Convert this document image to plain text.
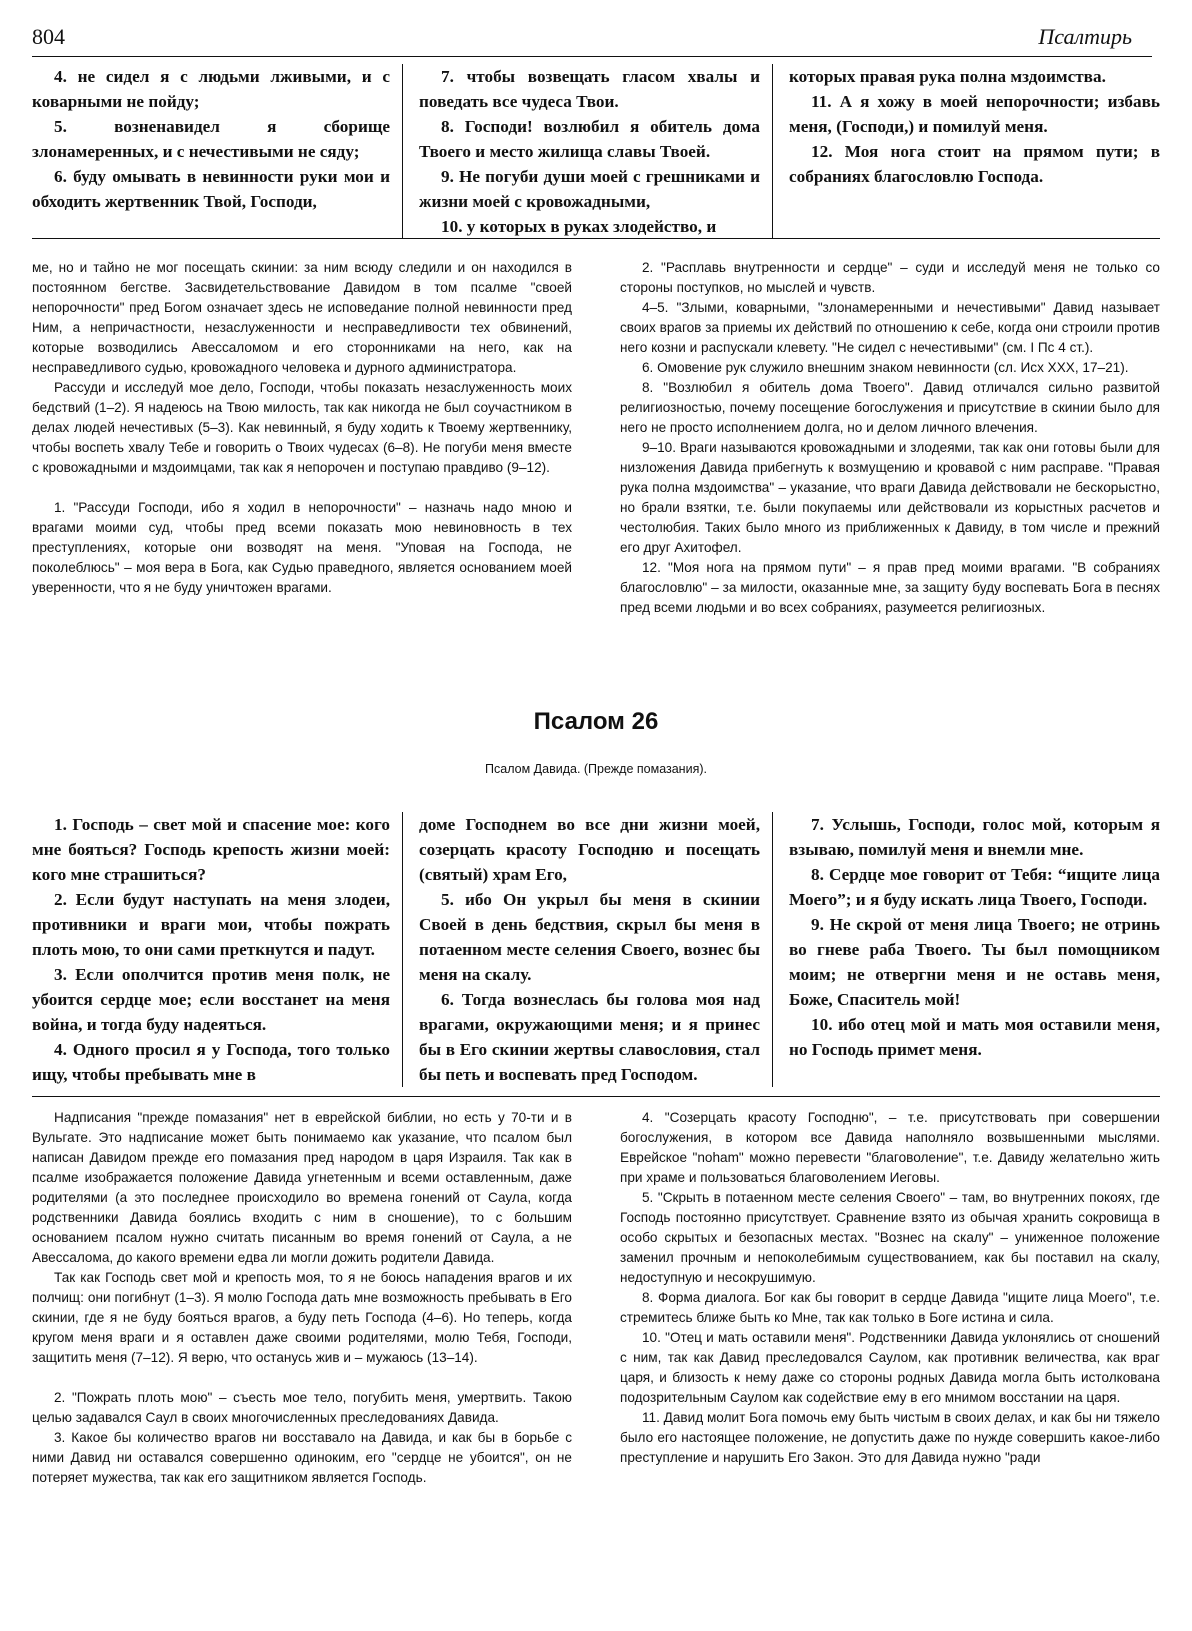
804	Псалтирь

4. не сидел я с людьми лживыми, и с коварными не пойду;

5. возненавидел я сборище злонамеренных, и с нечестивыми не сяду;

6. буду омывать в невинности руки мои и обходить жертвенник Твой, Господи,

7. чтобы возвещать гласом хвалы и поведать все чудеса Твои.

8. Господи! возлюбил я обитель дома Твоего и место жилища славы Твоей.

9. Не погуби души моей с грешниками и жизни моей с кровожадными,

10. у которых в руках злодейство, и

которых правая рука полна мздоимства.

11. А я хожу в моей непорочности; избавь меня, (Господи,) и помилуй меня.

12. Моя нога стоит на прямом пути; в собраниях благословлю Господа.

ме, но и тайно не мог посещать скинии: за ним всюду следили и он находился в постоянном бегстве. Засвидетельствование Давидом в том псалме "своей непорочности" пред Богом означает здесь не исповедание полной невинности пред Ним, а непричастности, незаслуженности и несправедливости тех обвинений, которые возводились Авессаломом и его сторонниками на него, как на несправедливого судью, кровожадного человека и дурного администратора.

Рассуди и исследуй мое дело, Господи, чтобы показать незаслуженность моих бедствий (1–2). Я надеюсь на Твою милость, так как никогда не был соучастником в делах людей нечестивых (5–3). Как невинный, я буду ходить к Твоему жертвеннику, чтобы воспеть хвалу Тебе и говорить о Твоих чудесах (6–8). Не погуби меня вместе с кровожадными и мздоимцами, так как я непорочен и поступаю правдиво (9–12).

1. "Рассуди Господи, ибо я ходил в непорочности" – назначь надо мною и врагами моими суд, чтобы пред всеми показать мою невиновность в тех преступлениях, которые они возводят на меня. "Уповая на Господа, не поколеблюсь" – моя вера в Бога, как Судью праведного, является основанием моей уверенности, что я не буду уничтожен врагами.

2. "Расплавь внутренности и сердце" – суди и исследуй меня не только со стороны поступков, но мыслей и чувств.

4–5. "Злыми, коварными, "злонамеренными и нечестивыми" Давид называет своих врагов за приемы их действий по отношению к себе, когда они строили против него козни и распускали клевету. "Не сидел с нечестивыми" (см. I Пс 4 ст.).

6. Омовение рук служило внешним знаком невинности (сл. Исх XXX, 17–21).

8. "Возлюбил я обитель дома Твоего". Давид отличался сильно развитой религиозностью, почему посещение богослужения и присутствие в скинии было для него не просто исполнением долга, но и делом личного влечения.

9–10. Враги называются кровожадными и злодеями, так как они готовы были для низложения Давида прибегнуть к возмущению и кровавой с ним расправе. "Правая рука полна мздоимства" – указание, что враги Давида действовали не бескорыстно, но брали взятки, т.е. были покупаемы или действовали из корыстных расчетов и честолюбия. Таких было много из приближенных к Давиду, в том числе и прежний его друг Ахитофел.

12. "Моя нога на прямом пути" – я прав пред моими врагами. "В собраниях благословлю" – за милости, оказанные мне, за защиту буду воспевать Бога в песнях пред всеми людьми и во всех собраниях, разумеется религиозных.

Псалом 26
Псалом Давида. (Прежде помазания).

1. Господь – свет мой и спасение мое: кого мне бояться? Господь крепость жизни моей: кого мне страшиться?

2. Если будут наступать на меня злодеи, противники и враги мои, чтобы пожрать плоть мою, то они сами преткнутся и падут.

3. Если ополчится против меня полк, не убоится сердце мое; если восстанет на меня война, и тогда буду надеяться.

4. Одного просил я у Господа, того только ищу, чтобы пребывать мне в

доме Господнем во все дни жизни моей, созерцать красоту Господню и посещать (святый) храм Его,

5. ибо Он укрыл бы меня в скинии Своей в день бедствия, скрыл бы меня в потаенном месте селения Своего, вознес бы меня на скалу.

6. Тогда вознеслась бы голова моя над врагами, окружающими меня; и я принес бы в Его скинии жертвы славословия, стал бы петь и воспевать пред Господом.

7. Услышь, Господи, голос мой, которым я взываю, помилуй меня и внемли мне.

8. Сердце мое говорит от Тебя: “ищите лица Моего”; и я буду искать лица Твоего, Господи.

9. Не скрой от меня лица Твоего; не отринь во гневе раба Твоего. Ты был помощником моим; не отвергни меня и не оставь меня, Боже, Спаситель мой!

10. ибо отец мой и мать моя оставили меня, но Господь примет меня.

Надписания "прежде помазания" нет в еврейской библии, но есть у 70-ти и в Вульгате. Это надписание может быть понимаемо как указание, что псалом был написан Давидом прежде его помазания пред народом в царя Израиля. Так как в псалме изображается положение Давида угнетенным и всеми оставленным, даже родителями (а это последнее происходило во времена гонений от Саула, когда родственники Давида боялись входить с ним в сношение), то с большим основанием псалом нужно считать писанным во время гонений от Саула, а не Авессалома, до какого времени едва ли могли дожить родители Давида.

Так как Господь свет мой и крепость моя, то я не боюсь нападения врагов и их полчищ: они погибнут (1–3). Я молю Господа дать мне возможность пребывать в Его скинии, где я не буду бояться врагов, а буду петь Господа (4–6). Но теперь, когда кругом меня враги и я оставлен даже своими родителями, молю Тебя, Господи, защитить меня (7–12). Я верю, что останусь жив и – мужаюсь (13–14).

2. "Пожрать плоть мою" – съесть мое тело, погубить меня, умертвить. Такою целью задавался Саул в своих многочисленных преследованиях Давида.

3. Какое бы количество врагов ни восставало на Давида, и как бы в борьбе с ними Давид ни оставался совершенно одиноким, его "сердце не убоится", он не потеряет мужества, так как его защитником является Господь.

4. "Созерцать красоту Господню", – т.е. присутствовать при совершении богослужения, в котором все Давида наполняло возвышенными мыслями. Еврейское "noham" можно перевести "благоволение", т.е. Давиду желательно жить при храме и пользоваться благоволением Иеговы.

5. "Скрыть в потаенном месте селения Своего" – там, во внутренних покоях, где Господь постоянно присутствует. Сравнение взято из обычая хранить сокровища в особо скрытых и безопасных местах. "Вознес на скалу" – униженное положение заменил прочным и непоколебимым существованием, как бы поставил на скалу, недоступную и несокрушимую.

8. Форма диалога. Бог как бы говорит в сердце Давида "ищите лица Моего", т.е. стремитесь ближе быть ко Мне, так как только в Боге истина и сила.

10. "Отец и мать оставили меня". Родственники Давида уклонялись от сношений с ним, так как Давид преследовался Саулом, как противник величества, как враг царя, и близость к нему даже со стороны родных Давида могла быть истолкована подозрительным Саулом как содействие ему в его мнимом восстании на царя.

11. Давид молит Бога помочь ему быть чистым в своих делах, и как бы ни тяжело было его настоящее положение, не допустить даже по нужде совершить какое-либо преступление и нарушить Его Закон. Это для Давида нужно "ради
